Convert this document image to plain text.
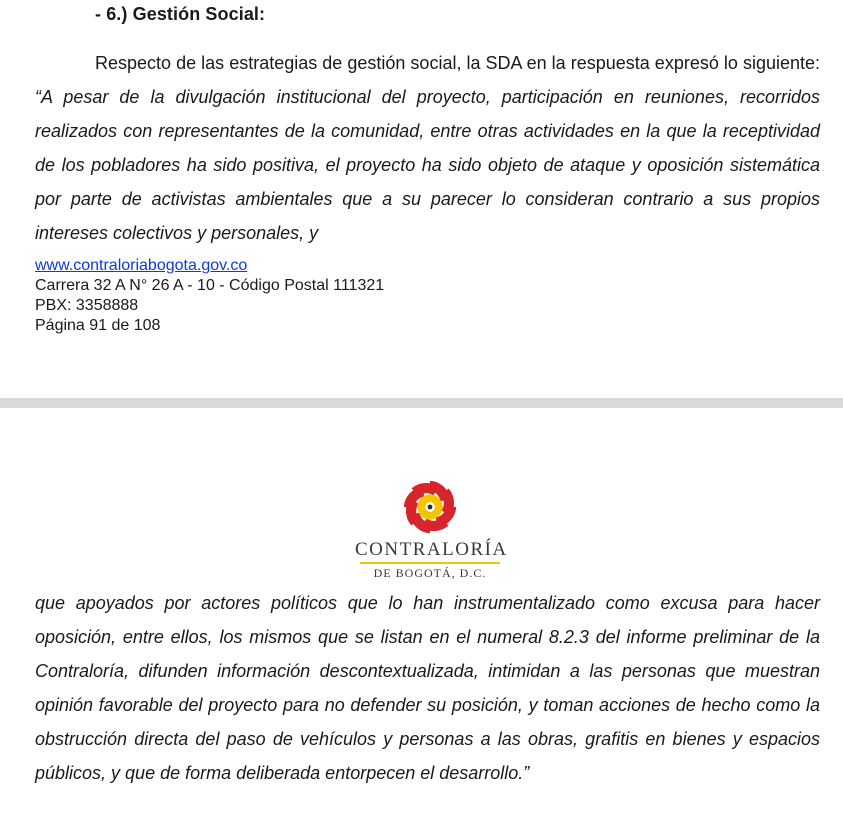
- 6.) Gestión Social:

Respecto de las estrategias de gestión social, la SDA en la respuesta expresó lo siguiente: “A pesar de la divulgación institucional del proyecto, participación en reuniones, recorridos realizados con representantes de la comunidad, entre otras actividades en la que la receptividad de los pobladores ha sido positiva, el proyecto ha sido objeto de ataque y oposición sistemática por parte de activistas ambientales que a su parecer lo consideran contrario a sus propios intereses colectivos y personales, y

www.contraloriabogota.gov.co
Carrera 32 A N° 26 A - 10 - Código Postal 111321
PBX: 3358888
Página 91 de 108
CONTRALORÍA
DE BOGOTÁ, D.C.

que apoyados por actores políticos que lo han instrumentalizado como excusa para hacer oposición, entre ellos, los mismos que se listan en el numeral 8.2.3 del informe preliminar de la Contraloría, difunden información descontextualizada, intimidan a las personas que muestran opinión favorable del proyecto para no defender su posición, y toman acciones de hecho como la obstrucción directa del paso de vehículos y personas a las obras, grafitis en bienes y espacios públicos, y que de forma deliberada entorpecen el desarrollo.”
